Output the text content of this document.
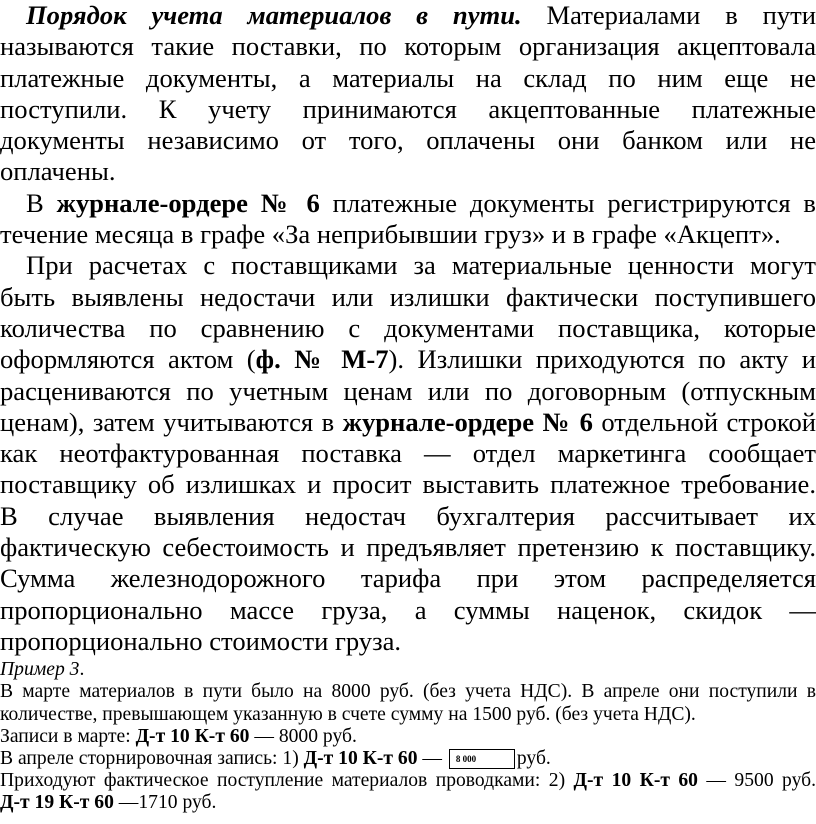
Порядок учета материалов в пути. Материалами в пути
называются такие поставки, по которым организация акцептовала
платежные документы, а материалы на склад по ним еще не
поступили. К учету принимаются акцептованные платежные
документы независимо от того, оплачены они банком или не
оплачены.
В журнале-ордере № 6 платежные документы регистрируются в
течение месяца в графе «За неприбывшии груз» и в графе «Акцепт».
При расчетах с поставщиками за материальные ценности могут
быть выявлены недостачи или излишки фактически поступившего
количества по сравнению с документами поставщика, которые
оформляются актом (ф. № М-7). Излишки приходуются по акту и
расцениваются по учетным ценам или по договорным (отпускным
ценам), затем учитываются в журнале-ордере № 6 отдельной строкой
как неотфактурованная поставка — отдел маркетинга сообщает
поставщику об излишках и просит выставить платежное требование.
В случае выявления недостач бухгалтерия рассчитывает их
фактическую себестоимость и предъявляет претензию к поставщику.
Сумма железнодорожного тарифа при этом распределяется
пропорционально массе груза, а суммы наценок, скидок —
пропорционально стоимости груза.
Пример 3.
В марте материалов в пути было на 8000 руб. (без учета НДС). В апреле они поступили в
количестве, превышающем указанную в счете сумму на 1500 руб. (без учета НДС).
Записи в марте: Д-т 10 К-т 60 — 8000 руб.
В апреле сторнировочная запись: 1) Д-т 10 К-т 60 — 8 000 руб.
Приходуют фактическое поступление материалов проводками: 2) Д-т 10 К-т 60 — 9500 руб.
Д-т 19 К-т 60 —1710 руб.
